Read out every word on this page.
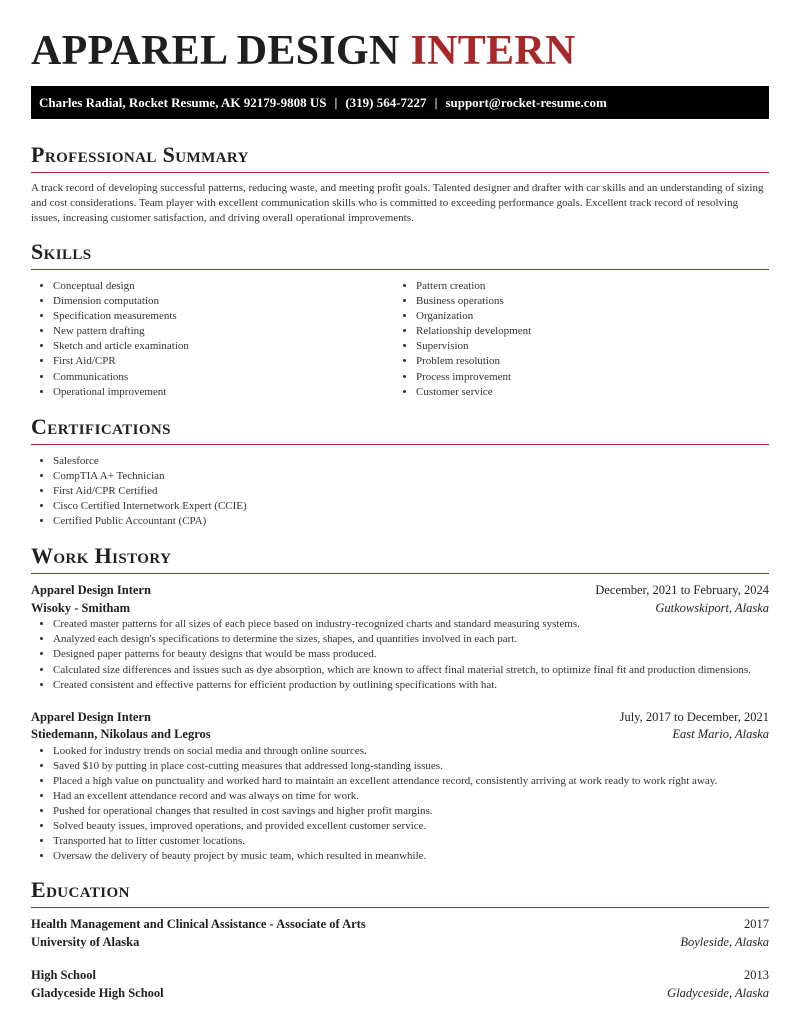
APPAREL DESIGN INTERN
Charles Radial, Rocket Resume, AK 92179-9808 US | (319) 564-7227 | support@rocket-resume.com
Professional Summary

A track record of developing successful patterns, reducing waste, and meeting profit goals. Talented designer and drafter with car skills and an understanding of sizing and cost considerations. Team player with excellent communication skills who is committed to exceeding performance goals. Excellent track record of resolving issues, increasing customer satisfaction, and driving overall operational improvements.

Skills
• Conceptual design
• Dimension computation
• Specification measurements
• New pattern drafting
• Sketch and article examination
• First Aid/CPR
• Communications
• Operational improvement
• Pattern creation
• Business operations
• Organization
• Relationship development
• Supervision
• Problem resolution
• Process improvement
• Customer service
Certifications
• Salesforce
• CompTIA A+ Technician
• First Aid/CPR Certified
• Cisco Certified Internetwork Expert (CCIE)
• Certified Public Accountant (CPA)
Work History
Apparel Design Intern	December, 2021 to February, 2024
Wisoky - Smitham	Gutkowskiport, Alaska
• Created master patterns for all sizes of each piece based on industry-recognized charts and standard measuring systems.
• Analyzed each design's specifications to determine the sizes, shapes, and quantities involved in each part.
• Designed paper patterns for beauty designs that would be mass produced.
• Calculated size differences and issues such as dye absorption, which are known to affect final material stretch, to optimize final fit and production dimensions.
• Created consistent and effective patterns for efficient production by outlining specifications with hat.
Apparel Design Intern	July, 2017 to December, 2021
Stiedemann, Nikolaus and Legros	East Mario, Alaska
• Looked for industry trends on social media and through online sources.
• Saved $10 by putting in place cost-cutting measures that addressed long-standing issues.
• Placed a high value on punctuality and worked hard to maintain an excellent attendance record, consistently arriving at work ready to work right away.
• Had an excellent attendance record and was always on time for work.
• Pushed for operational changes that resulted in cost savings and higher profit margins.
• Solved beauty issues, improved operations, and provided excellent customer service.
• Transported hat to litter customer locations.
• Oversaw the delivery of beauty project by music team, which resulted in meanwhile.
Education
Health Management and Clinical Assistance - Associate of Arts	2017
University of Alaska	Boyleside, Alaska
High School	2013
Gladyceside High School	Gladyceside, Alaska
